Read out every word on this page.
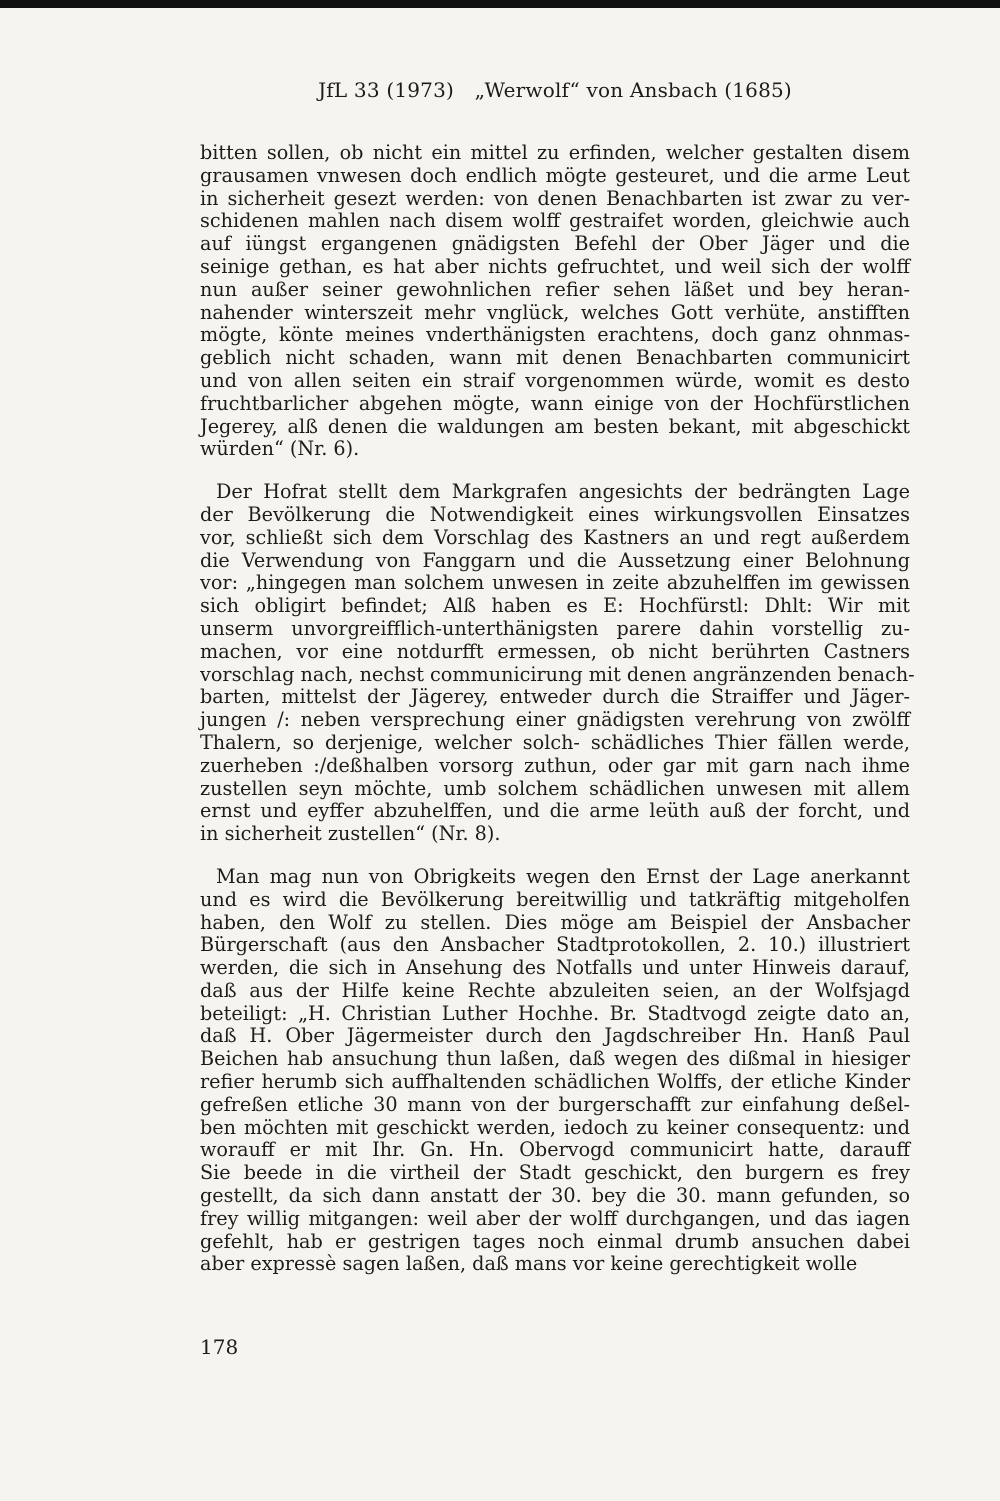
JfL 33 (1973) „Werwolf“ von Ansbach (1685)
bitten sollen, ob nicht ein mittel zu erfinden, welcher gestalten disem
grausamen vnwesen doch endlich mögte gesteuret, und die arme Leut
in sicherheit gesezt werden: von denen Benachbarten ist zwar zu ver-
schidenen mahlen nach disem wolff gestraifet worden, gleichwie auch
auf iüngst ergangenen gnädigsten Befehl der Ober Jäger und die
seinige gethan, es hat aber nichts gefruchtet, und weil sich der wolff
nun außer seiner gewohnlichen refier sehen läßet und bey heran-
nahender winterszeit mehr vnglück, welches Gott verhüte, anstifften
mögte, könte meines vnderthänigsten erachtens, doch ganz ohnmas-
geblich nicht schaden, wann mit denen Benachbarten communicirt
und von allen seiten ein straif vorgenommen würde, womit es desto
fruchtbarlicher abgehen mögte, wann einige von der Hochfürstlichen
Jegerey, alß denen die waldungen am besten bekant, mit abgeschickt
würden“ (Nr. 6).
Der Hofrat stellt dem Markgrafen angesichts der bedrängten Lage
der Bevölkerung die Notwendigkeit eines wirkungsvollen Einsatzes
vor, schließt sich dem Vorschlag des Kastners an und regt außerdem
die Verwendung von Fanggarn und die Aussetzung einer Belohnung
vor: „hingegen man solchem unwesen in zeite abzuhelffen im gewissen
sich obligirt befindet; Alß haben es E: Hochfürstl: Dhlt: Wir mit
unserm unvorgreifflich-unterthänigsten parere dahin vorstellig zu-
machen, vor eine notdurfft ermessen, ob nicht berührten Castners
vorschlag nach, nechst communicirung mit denen angränzenden benach-
barten, mittelst der Jägerey, entweder durch die Straiffer und Jäger-
jungen /: neben versprechung einer gnädigsten verehrung von zwölff
Thalern, so derjenige, welcher solch- schädliches Thier fällen werde,
zuerheben :/deßhalben vorsorg zuthun, oder gar mit garn nach ihme
zustellen seyn möchte, umb solchem schädlichen unwesen mit allem
ernst und eyffer abzuhelffen, und die arme leüth auß der forcht, und
in sicherheit zustellen“ (Nr. 8).
Man mag nun von Obrigkeits wegen den Ernst der Lage anerkannt
und es wird die Bevölkerung bereitwillig und tatkräftig mitgeholfen
haben, den Wolf zu stellen. Dies möge am Beispiel der Ansbacher
Bürgerschaft (aus den Ansbacher Stadtprotokollen, 2. 10.) illustriert
werden, die sich in Ansehung des Notfalls und unter Hinweis darauf,
daß aus der Hilfe keine Rechte abzuleiten seien, an der Wolfsjagd
beteiligt: „H. Christian Luther Hochhe. Br. Stadtvogd zeigte dato an,
daß H. Ober Jägermeister durch den Jagdschreiber Hn. Hanß Paul
Beichen hab ansuchung thun laßen, daß wegen des dißmal in hiesiger
refier herumb sich auffhaltenden schädlichen Wolffs, der etliche Kinder
gefreßen etliche 30 mann von der burgerschafft zur einfahung deßel-
ben möchten mit geschickt werden, iedoch zu keiner consequentz: und
worauff er mit Ihr. Gn. Hn. Obervogd communicirt hatte, darauff
Sie beede in die virtheil der Stadt geschickt, den burgern es frey
gestellt, da sich dann anstatt der 30. bey die 30. mann gefunden, so
frey willig mitgangen: weil aber der wolff durchgangen, und das iagen
gefehlt, hab er gestrigen tages noch einmal drumb ansuchen dabei
aber expressè sagen laßen, daß mans vor keine gerechtigkeit wolle
178
